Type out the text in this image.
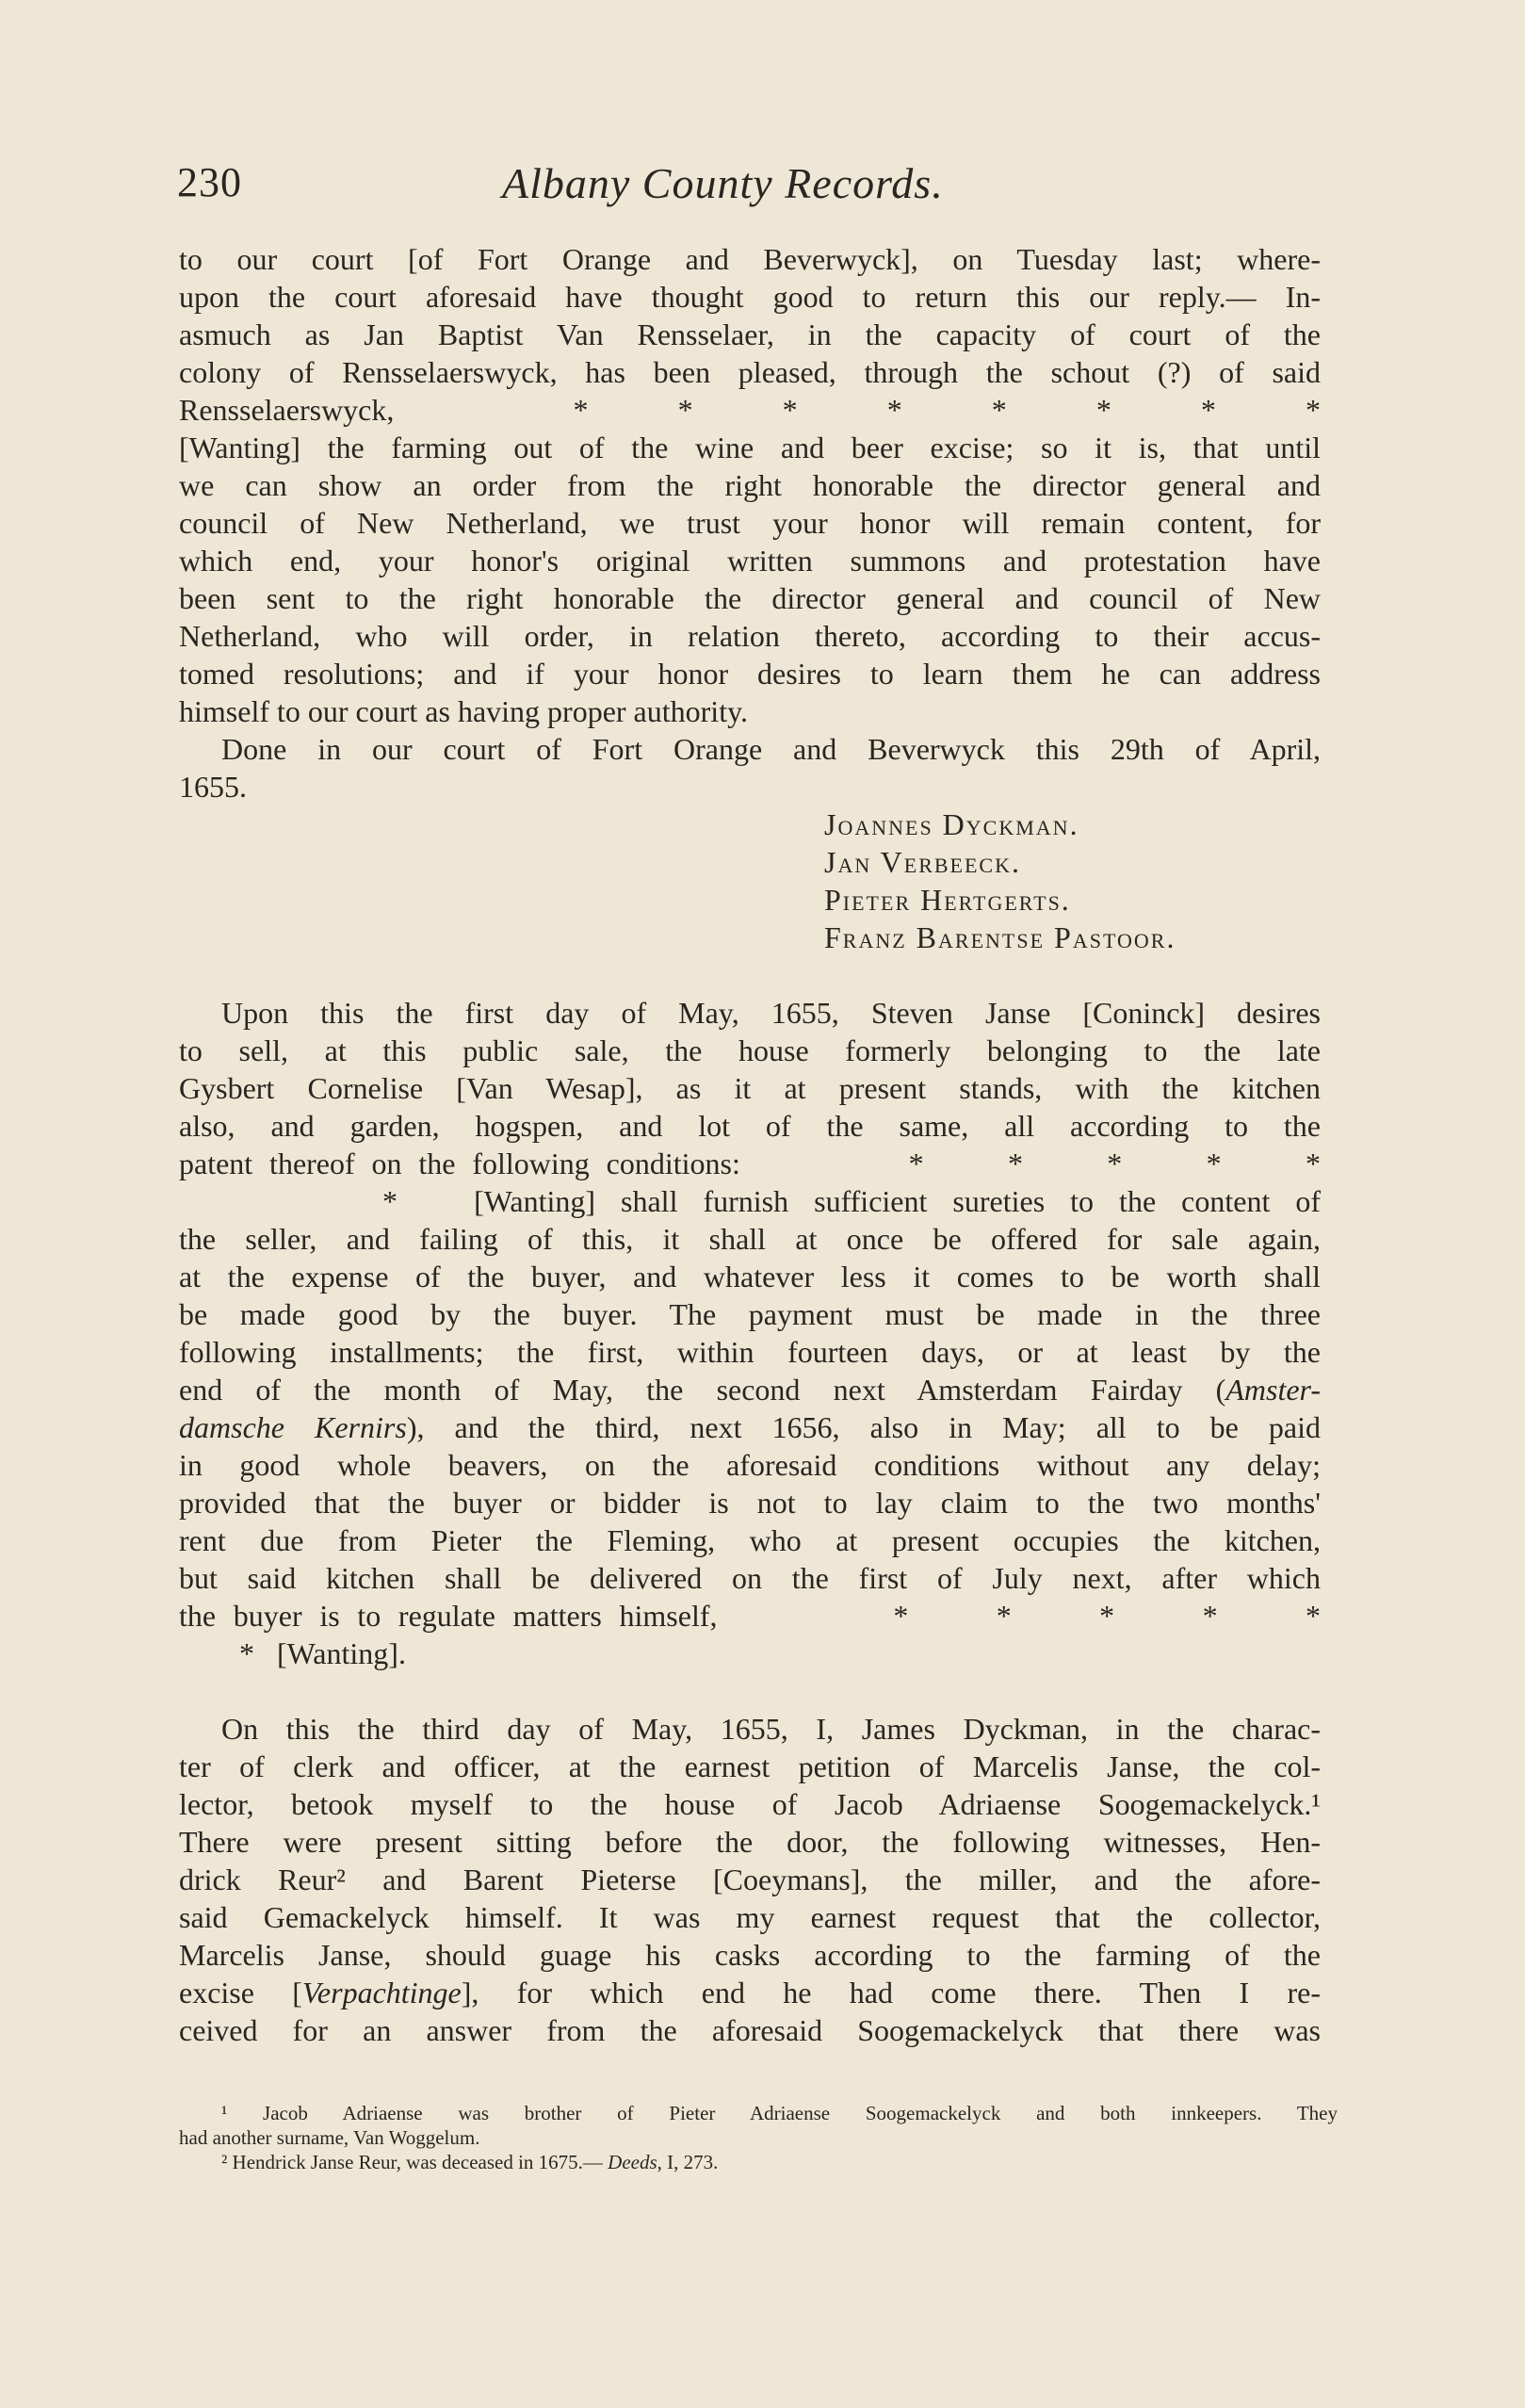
230	Albany County Records.
to our court [of Fort Orange and Beverwyck], on Tuesday last; where-
upon the court aforesaid have thought good to return this our reply.— In-
asmuch as Jan Baptist Van Rensselaer, in the capacity of court of the
colony of Rensselaerswyck, has been pleased, through the schout (?) of said
Rensselaerswyck,          *     *     *     *     *     *     *     *
[Wanting] the farming out of the wine and beer excise; so it is, that until
we can show an order from the right honorable the director general and
council of New Netherland, we trust your honor will remain content, for
which end, your honor's original written summons and protestation have
been sent to the right honorable the director general and council of New
Netherland, who will order, in relation thereto, according to their accus-
tomed resolutions; and if your honor desires to learn them he can address
himself to our court as having proper authority.
Done in our court of Fort Orange and Beverwyck this 29th of April,
1655.
Joannes Dyckman.
Jan Verbeeck.
Pieter Hertgerts.
Franz Barentse Pastoor.
Upon this the first day of May, 1655, Steven Janse [Coninck] desires
to sell, at this public sale, the house formerly belonging to the late
Gysbert Cornelise [Van Wesap], as it at present stands, with the kitchen
also, and garden, hogspen, and lot of the same, all according to the
patent thereof on the following conditions:          *     *     *     *     *
*   [Wanting] shall furnish sufficient sureties to the content of
the seller, and failing of this, it shall at once be offered for sale again,
at the expense of the buyer, and whatever less it comes to be worth shall
be made good by the buyer. The payment must be made in the three
following installments; the first, within fourteen days, or at least by the
end of the month of May, the second next Amsterdam Fairday (Amster-
damsche Kernirs), and the third, next 1656, also in May; all to be paid
in good whole beavers, on the aforesaid conditions without any delay;
provided that the buyer or bidder is not to lay claim to the two months'
rent due from Pieter the Fleming, who at present occupies the kitchen,
but said kitchen shall be delivered on the first of July next, after which
the buyer is to regulate matters himself,          *     *     *     *     *
*   [Wanting].
On this the third day of May, 1655, I, James Dyckman, in the charac-
ter of clerk and officer, at the earnest petition of Marcelis Janse, the col-
lector, betook myself to the house of Jacob Adriaense Soogemackelyck.¹
There were present sitting before the door, the following witnesses, Hen-
drick Reur² and Barent Pieterse [Coeymans], the miller, and the afore-
said Gemackelyck himself. It was my earnest request that the collector,
Marcelis Janse, should guage his casks according to the farming of the
excise [Verpachtinge], for which end he had come there. Then I re-
ceived for an answer from the aforesaid Soogemackelyck that there was
¹ Jacob Adriaense was brother of Pieter Adriaense Soogemackelyck and both innkeepers. They
had another surname, Van Woggelum.
² Hendrick Janse Reur, was deceased in 1675.— Deeds, I, 273.
